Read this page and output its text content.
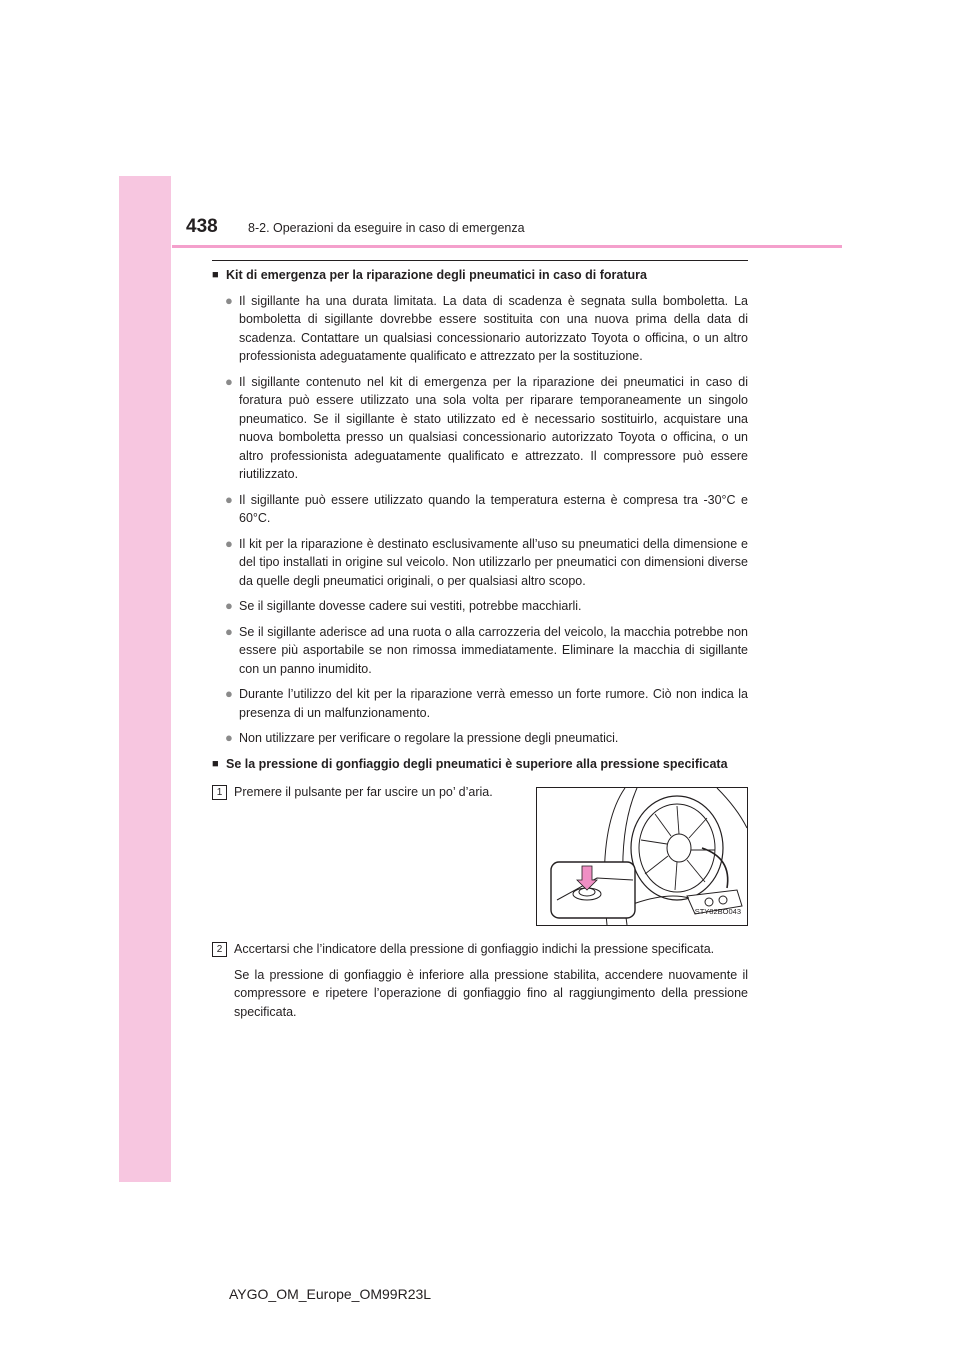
438 8-2. Operazioni da eseguire in caso di emergenza
■ Kit di emergenza per la riparazione degli pneumatici in caso di foratura
● Il sigillante ha una durata limitata. La data di scadenza è segnata sulla bomboletta. La bomboletta di sigillante dovrebbe essere sostituita con una nuova prima della data di scadenza. Contattare un qualsiasi concessionario autorizzato Toyota o officina, o un altro professionista adeguatamente qualificato e attrezzato per la sostituzione.
● Il sigillante contenuto nel kit di emergenza per la riparazione dei pneumatici in caso di foratura può essere utilizzato una sola volta per riparare temporaneamente un singolo pneumatico. Se il sigillante è stato utilizzato ed è necessario sostituirlo, acquistare una nuova bomboletta presso un qualsiasi concessionario autorizzato Toyota o officina, o un altro professionista adeguatamente qualificato e attrezzato. Il compressore può essere riutilizzato.
● Il sigillante può essere utilizzato quando la temperatura esterna è compresa tra -30°C e 60°C.
● Il kit per la riparazione è destinato esclusivamente all’uso su pneumatici della dimensione e del tipo installati in origine sul veicolo. Non utilizzarlo per pneumatici con dimensioni diverse da quelle degli pneumatici originali, o per qualsiasi altro scopo.
● Se il sigillante dovesse cadere sui vestiti, potrebbe macchiarli.
● Se il sigillante aderisce ad una ruota o alla carrozzeria del veicolo, la macchia potrebbe non essere più asportabile se non rimossa immediatamente. Eliminare la macchia di sigillante con un panno inumidito.
● Durante l’utilizzo del kit per la riparazione verrà emesso un forte rumore. Ciò non indica la presenza di un malfunzionamento.
● Non utilizzare per verificare o regolare la pressione degli pneumatici.
■ Se la pressione di gonfiaggio degli pneumatici è superiore alla pressione specificata
1 Premere il pulsante per far uscire un po’ d’aria.
STY82BO043
2 Accertarsi che l’indicatore della pressione di gonfiaggio indichi la pressione specificata.

Se la pressione di gonfiaggio è inferiore alla pressione stabilita, accendere nuovamente il compressore e ripetere l’operazione di gonfiaggio fino al raggiungimento della pressione specificata.

AYGO_OM_Europe_OM99R23L
